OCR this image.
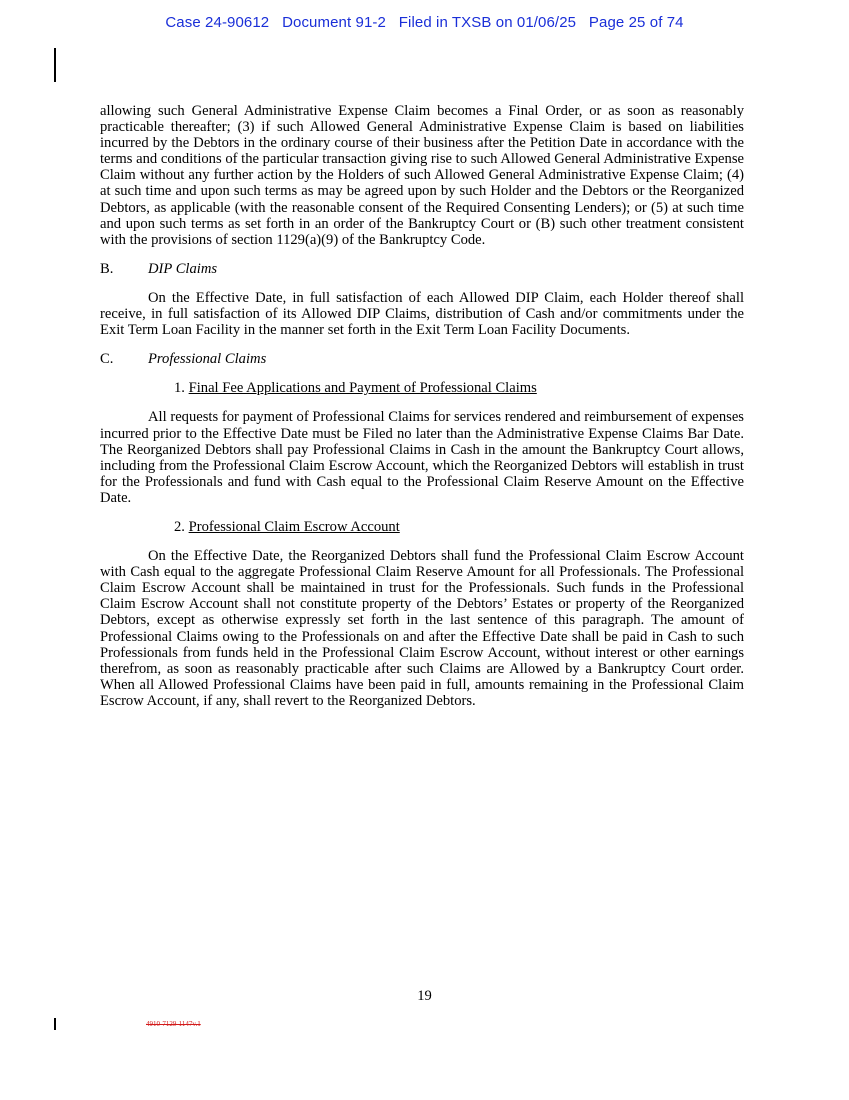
Case 24-90612 Document 91-2 Filed in TXSB on 01/06/25 Page 25 of 74

allowing such General Administrative Expense Claim becomes a Final Order, or as soon as reasonably practicable thereafter; (3) if such Allowed General Administrative Expense Claim is based on liabilities incurred by the Debtors in the ordinary course of their business after the Petition Date in accordance with the terms and conditions of the particular transaction giving rise to such Allowed General Administrative Expense Claim without any further action by the Holders of such Allowed General Administrative Expense Claim; (4) at such time and upon such terms as may be agreed upon by such Holder and the Debtors or the Reorganized Debtors, as applicable (with the reasonable consent of the Required Consenting Lenders); or (5) at such time and upon such terms as set forth in an order of the Bankruptcy Court or (B) such other treatment consistent with the provisions of section 1129(a)(9) of the Bankruptcy Code.

B. DIP Claims

On the Effective Date, in full satisfaction of each Allowed DIP Claim, each Holder thereof shall receive, in full satisfaction of its Allowed DIP Claims, distribution of Cash and/or commitments under the Exit Term Loan Facility in the manner set forth in the Exit Term Loan Facility Documents.

C. Professional Claims

1. Final Fee Applications and Payment of Professional Claims

All requests for payment of Professional Claims for services rendered and reimbursement of expenses incurred prior to the Effective Date must be Filed no later than the Administrative Expense Claims Bar Date. The Reorganized Debtors shall pay Professional Claims in Cash in the amount the Bankruptcy Court allows, including from the Professional Claim Escrow Account, which the Reorganized Debtors will establish in trust for the Professionals and fund with Cash equal to the Professional Claim Reserve Amount on the Effective Date.

2. Professional Claim Escrow Account

On the Effective Date, the Reorganized Debtors shall fund the Professional Claim Escrow Account with Cash equal to the aggregate Professional Claim Reserve Amount for all Professionals. The Professional Claim Escrow Account shall be maintained in trust for the Professionals. Such funds in the Professional Claim Escrow Account shall not constitute property of the Debtors’ Estates or property of the Reorganized Debtors, except as otherwise expressly set forth in the last sentence of this paragraph. The amount of Professional Claims owing to the Professionals on and after the Effective Date shall be paid in Cash to such Professionals from funds held in the Professional Claim Escrow Account, without interest or other earnings therefrom, as soon as reasonably practicable after such Claims are Allowed by a Bankruptcy Court order. When all Allowed Professional Claims have been paid in full, amounts remaining in the Professional Claim Escrow Account, if any, shall revert to the Reorganized Debtors.

19
4910-7129-1147v.1
